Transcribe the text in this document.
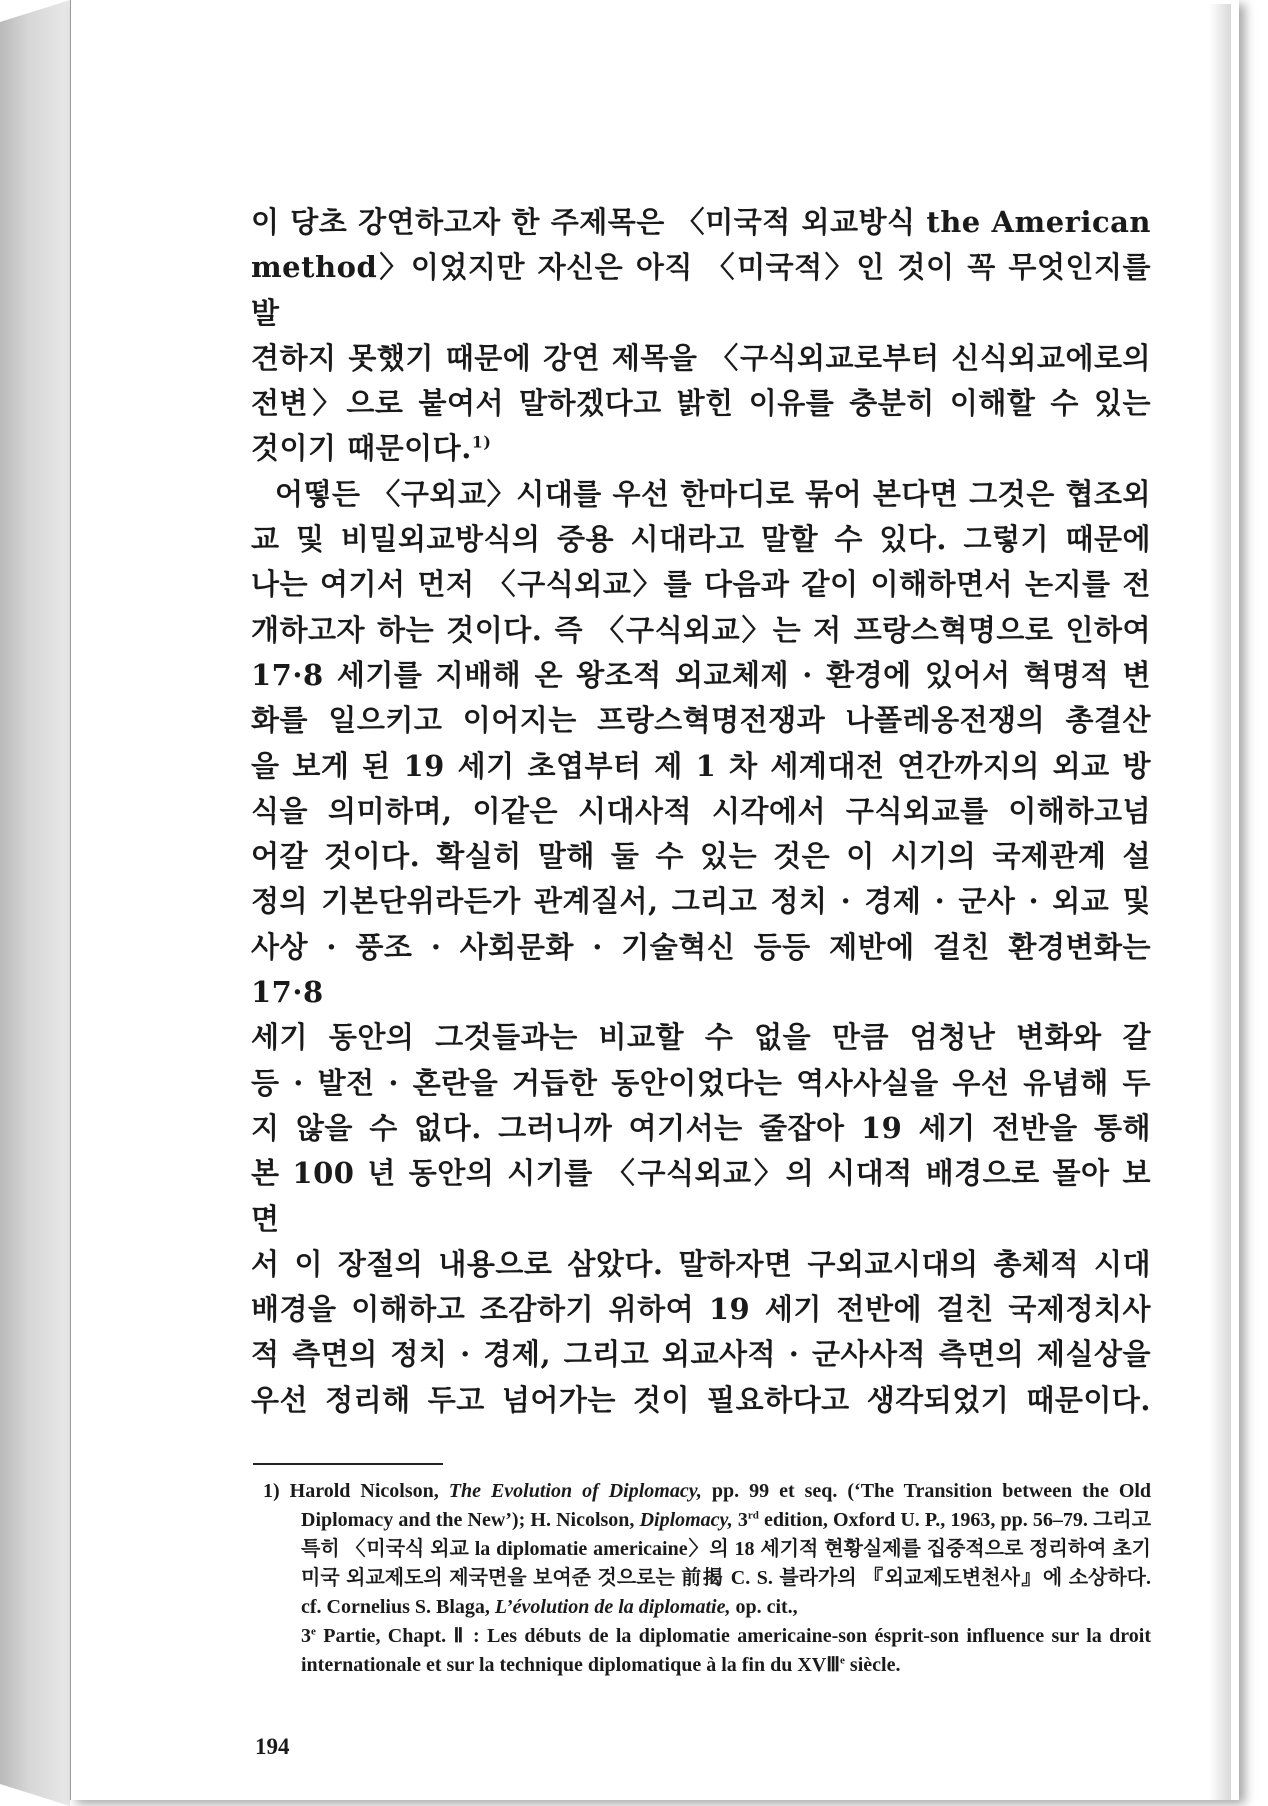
이 당초 강연하고자 한 주제목은 〈미국적 외교방식 the American

method〉이었지만 자신은 아직 〈미국적〉인 것이 꼭 무엇인지를 발

견하지 못했기 때문에 강연 제목을 〈구식외교로부터 신식외교에로의

전변〉으로 붙여서 말하겠다고 밝힌 이유를 충분히 이해할 수 있는

것이기 때문이다.$^{1)}$

어떻든 〈구외교〉시대를 우선 한마디로 묶어 본다면 그것은 협조외

교 및 비밀외교방식의 중용 시대라고 말할 수 있다. 그렇기 때문에

나는 여기서 먼저 〈구식외교〉를 다음과 같이 이해하면서 논지를 전

개하고자 하는 것이다. 즉 〈구식외교〉는 저 프랑스혁명으로 인하여

17·8 세기를 지배해 온 왕조적 외교체제 · 환경에 있어서 혁명적 변

화를 일으키고 이어지는 프랑스혁명전쟁과 나폴레옹전쟁의 총결산

을 보게 된 19 세기 초엽부터 제 1 차 세계대전 연간까지의 외교 방

식을 의미하며, 이같은 시대사적 시각에서 구식외교를 이해하고넘

어갈 것이다. 확실히 말해 둘 수 있는 것은 이 시기의 국제관계 설

정의 기본단위라든가 관계질서, 그리고 정치 · 경제 · 군사 · 외교 및

사상 · 풍조 · 사회문화 · 기술혁신 등등 제반에 걸친 환경변화는 17·8

세기 동안의 그것들과는 비교할 수 없을 만큼 엄청난 변화와 갈

등 · 발전 · 혼란을 거듭한 동안이었다는 역사사실을 우선 유념해 두

지 않을 수 없다. 그러니까 여기서는 줄잡아 19 세기 전반을 통해

본 100 년 동안의 시기를 〈구식외교〉의 시대적 배경으로 몰아 보면

서 이 장절의 내용으로 삼았다. 말하자면 구외교시대의 총체적 시대

배경을 이해하고 조감하기 위하여 19 세기 전반에 걸친 국제정치사

적 측면의 정치 · 경제, 그리고 외교사적 · 군사사적 측면의 제실상을

우선 정리해 두고 넘어가는 것이 필요하다고 생각되었기 때문이다.

1) Harold Nicolson, The Evolution of Diplomacy, pp. 99 et seq. (‘The Transition between the Old Diplomacy and the New’); H. Nicolson, Diplomacy, 3rd edition, Oxford U. P., 1963, pp. 56–79. 그리고 특히 〈미국식 외교 la diplomatie americaine〉의 18 세기적 현황실제를 집중적으로 정리하여 초기 미국 외교제도의 제국면을 보여준 것으로는 前揭 C. S. 블라가의 『외교제도변천사』에 소상하다. cf. Cornelius S. Blaga, L’évolution de la diplomatie, op. cit.,
3e Partie, Chapt. Ⅱ : Les débuts de la diplomatie americaine-son ésprit-son influence sur la droit internationale et sur la technique diplomatique à la fin du XVⅢ$^e$ siècle.
194
